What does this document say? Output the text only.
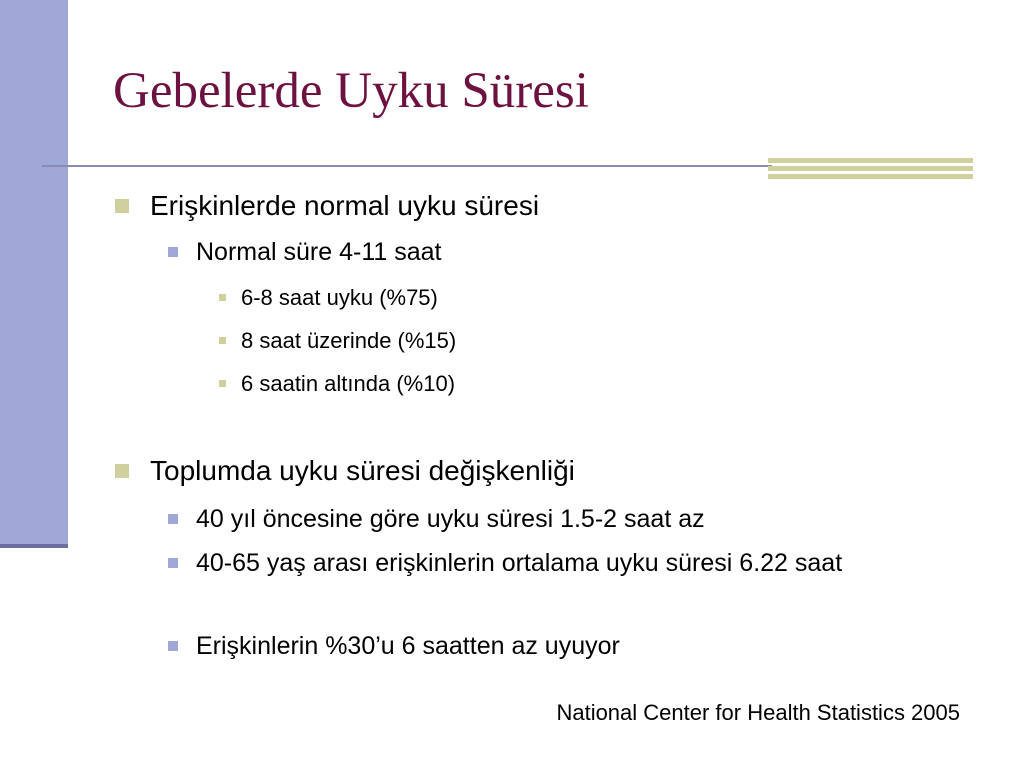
Gebelerde Uyku Süresi
Erişkinlerde normal uyku süresi
Normal süre 4-11 saat
6-8 saat uyku (%75)
8 saat üzerinde (%15)
6 saatin altında (%10)
Toplumda uyku süresi değişkenliği
40 yıl öncesine göre uyku süresi 1.5-2 saat az
40-65 yaş arası erişkinlerin ortalama uyku süresi 6.22 saat
Erişkinlerin %30’u 6 saatten az uyuyor

National Center for Health Statistics 2005
